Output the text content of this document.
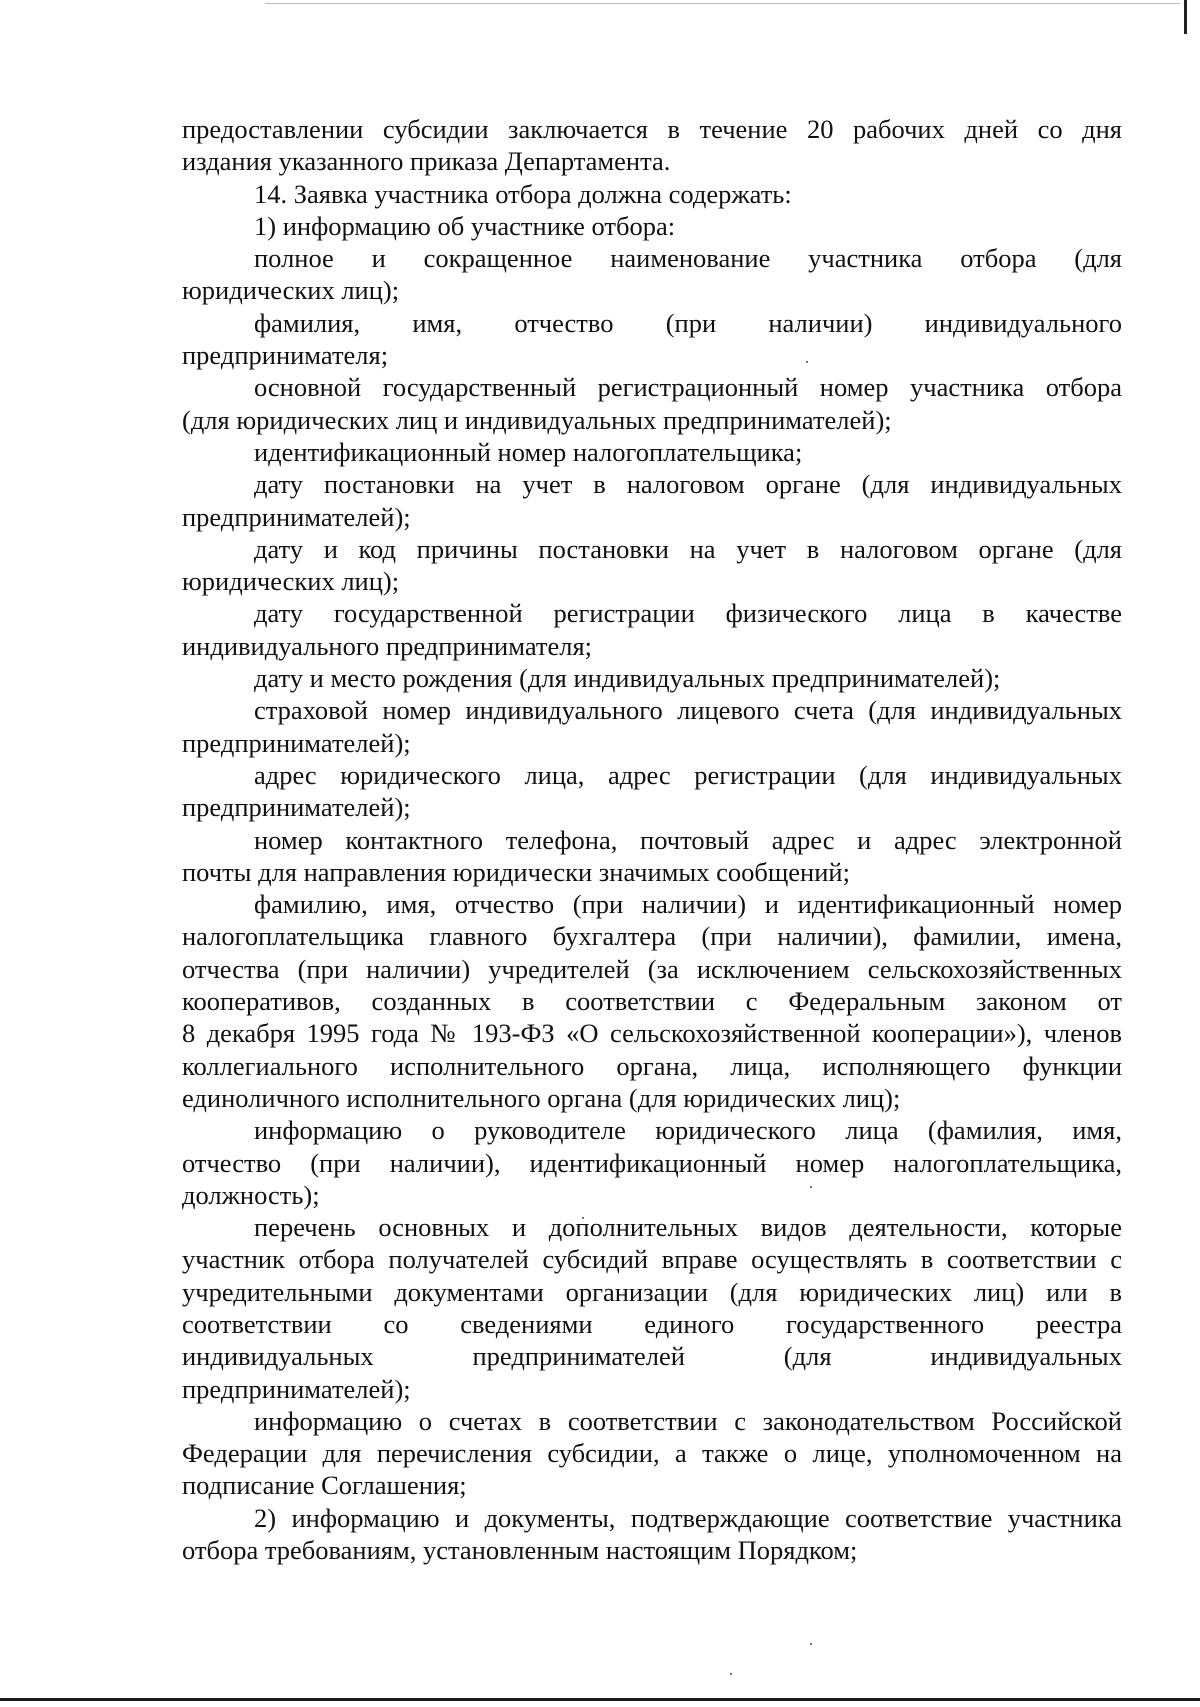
предоставлении субсидии заключается в течение 20 рабочих дней со дня
издания указанного приказа Департамента.
14. Заявка участника отбора должна содержать:
1) информацию об участнике отбора:
полное и сокращенное наименование участника отбора (для
юридических лиц);
фамилия, имя, отчество (при наличии) индивидуального
предпринимателя;
основной государственный регистрационный номер участника отбора
(для юридических лиц и индивидуальных предпринимателей);
идентификационный номер налогоплательщика;
дату постановки на учет в налоговом органе (для индивидуальных
предпринимателей);
дату и код причины постановки на учет в налоговом органе (для
юридических лиц);
дату государственной регистрации физического лица в качестве
индивидуального предпринимателя;
дату и место рождения (для индивидуальных предпринимателей);
страховой номер индивидуального лицевого счета (для индивидуальных
предпринимателей);
адрес юридического лица, адрес регистрации (для индивидуальных
предпринимателей);
номер контактного телефона, почтовый адрес и адрес электронной
почты для направления юридически значимых сообщений;
фамилию, имя, отчество (при наличии) и идентификационный номер
налогоплательщика главного бухгалтера (при наличии), фамилии, имена,
отчества (при наличии) учредителей (за исключением сельскохозяйственных
кооперативов, созданных в соответствии с Федеральным законом от
8 декабря 1995 года № 193-ФЗ «О сельскохозяйственной кооперации»), членов
коллегиального исполнительного органа, лица, исполняющего функции
единоличного исполнительного органа (для юридических лиц);
информацию о руководителе юридического лица (фамилия, имя,
отчество (при наличии), идентификационный номер налогоплательщика,
должность);
перечень основных и дополнительных видов деятельности, которые
участник отбора получателей субсидий вправе осуществлять в соответствии с
учредительными документами организации (для юридических лиц) или в
соответствии со сведениями единого государственного реестра
индивидуальных предпринимателей (для индивидуальных
предпринимателей);
информацию о счетах в соответствии с законодательством Российской
Федерации для перечисления субсидии, а также о лице, уполномоченном на
подписание Соглашения;
2) информацию и документы, подтверждающие соответствие участника
отбора требованиям, установленным настоящим Порядком;
